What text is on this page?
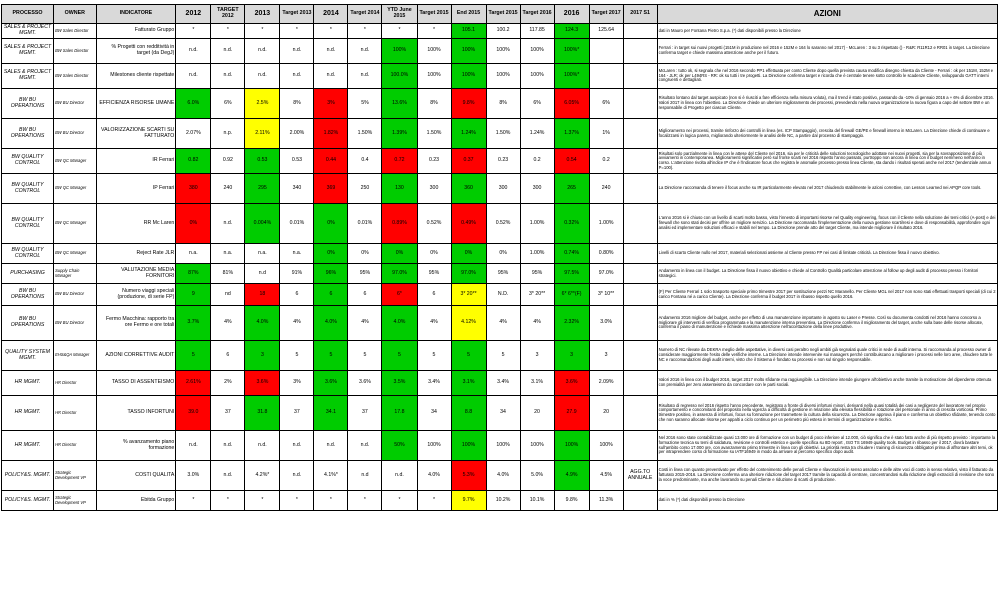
PROCESSO	OWNER	INDICATORE	2012	TARGET 2012	2013	Target 2013	2014	Target 2014	YTD June 2015	Target 2015	End 2015	Target 2015	Target 2016	2016	Target 2017	2017 S1	AZIONI
SALES & PROJECT MGMT.	BW Sales Director	Fatturato Gruppo	*	*	*	*	*	*	*	*	105.1	100.2	117.85	124.3	125.64		dati in Mauro per Fontana Pietro S.p.a. (*) dati disponibili presso la Direzione
SALES & PROJECT MGMT.	BW Sales Director	% Progetti con redditività in target (da DegJ)	n.d.	n.d.	n.d.	n.d.	n.d.	n.d.	100%	100%	100%	100%	100%	100%*			Ferrari : in target sui nuovi progetti (151M in produzione nel 2016 e 152M e 164 lo saranno nel 2017) - McLaren : 3 su 3 rispettato () - R&R: R11R12 e RR01 in target. La Direzione conferma target e chiede massima attenzione anche per il futuro.
SALES & PROJECT MGMT.	BW Sales Director	Milestones cliente rispettate	n.d.	n.d.	n.d.	n.d.	n.d.	n.d.	100.0%	100%	100%	100%	100%	100%*			McLaren : tutto ok, si segnala che nel 2016 secondo PP1 effettuata per conto Cliente dopo quella prevista causa modifica disegno chiesta da Cliente - Ferrari : ok per 151M, 152M e 164 - JLR: ok per L494RS - RR: ok su tutti i tre progetti. La Direzione conferma target e ricorda che è centrale tenere sotto controllo le scadenze Cliente, sviluppando GATT interni congruenti e dettagliati.
BW BU OPERATIONS	BW BU Director	EFFICIENZA RISORSE UMANE	6.0%	6%	2.5%	8%	3%	5%	13.6%	8%	9.8%	8%	6%	6.05%	6%		Risultato lontano dal target auspicato (non si è riusciti a fare efficienza nella misura voluta), ma il trend è stato positivo, passando da -10% di gennaio 2016 a + 6% di dicembre 2016. Valori 2017 in linea con l'obiettivo. La Direzione chiede un ulteriore miglioramento dei processi, prevedendo nella nuova organizzazione la nuova figura a capo del settore BW e un responsabile di Progetto per ciascun Cliente.
BW BU OPERATIONS	BW BU Director	VALORIZZAZIONE SCARTI SU FATTURATO	2.07%	n.p.	2.11%	2.00%	1.82%	1.50%	1.39%	1.50%	1.24%	1.50%	1.24%	1.37%	1%		Miglioramento nei processi, tramite rinforzo dei controlli in linea (es. ICP Stampaggio), crescita del firewall GE/PE e firewall interno in McLaren. La Direzione chiede di continuare e focalizzarsi in logica pareto, migliorando ulteriormente le analisi delle NC, a partire dal processo di stampaggio.
BW QUALITY CONTROL	BW QC Manager	IR Ferrari	0.82	0.92	0.53	0.53	0.44	0.4	0.72	0.23	0.37	0.23	0.2	0.54	0.2		Risultati solo parzialmente in linea con le attese del Cliente nel 2016, sia per le criticità delle soluzioni tecnologiche adottate nei nuovi progetti, sia per la sovrapposizione di più avviamenti in contemporanea. Miglioramenti significativi però sul fronte scarti nel 2016 rispetto l'anno passato, purtroppo non ancora in linea con il budget nemmeno nell'anno in corso. L'attenzione rivolta all'indice IP che è l'indicatore focus che registra le anomalie processo presso linea Cliente, sta dando i risultati sperati anche nel 2017 (tendenziale annuo P=100).
BW QUALITY CONTROL	BW QC Manager	IP Ferrari	380	240	295	340	369	250	130	300	360	300	300	265	240		La Direzione raccomanda di tenere il focus anche su IR particolarmente elevato nel 2017 chiudendo stabilmente le azioni correttive, con Lesson Learned nei APQP core tools.
BW QUALITY CONTROL	BW QC Manager	RR Mc Laren	0%	n.d.	0.004%	0.01%	0%	0.01%	0.89%	0.52%	0.49%	0.52%	1.00%	0.32%	1.00%		L'anno 2016 si è chiuso con un livello di scarti molto basso, visto l'innesto di importanti risorse nel Quality engineering, focus con il Cliente nella soluzione dei temi critici (A-post) e dei firewall che sono stati decisi per offrire un migliore servizio. La Direzione raccomanda l'implementazione della nuova gestione scarti/resi e dove di responsabilità, approfondire ogni analisi ed implementare soluzioni efficaci e stabili nel tempo. La Direzione prende atto del target Cliente, ma intende migliorare il risultato 2016.
BW QUALITY CONTROL	BW QC Manager	Reject Rate JLR	n.a.	n.a.	n.a.	n.a.	0%	0%	0%	0%	0%	0%	1.00%	0.74%	0.80%		Livelli di scarto Cliente nullo nel 2017, materiali selezionati assieme al Cliente presso FP nei casi di limitate criticità. La Direzione fissa il nuovo obiettivo.
PURCHASING	Supply Chain Manager	VALUTAZIONE MEDIA FORNITORI	87%	81%	n.d	91%	96%	95%	97.0%	95%	97.0%	95%	95%	97.5%	97.0%		Andamento in linea con il budget. La Direzione fissa il nuovo obiettivo e chiede al Controllo Qualità particolare attenzione al follow up degli audit di processo presso i fornitori strategici.
BW BU OPERATIONS	BW BU Director	Numero viaggi speciali (produzione, di serie FP)	9	nd	18	6	6	6	6*	6	3* 20**	N.D.	3* 20**	6* 6**(F)	3* 10**		(F) Per Cliente Ferrari 1 solo trasporto speciale primo trimestre 2017 per sostituzione pezzi NC Maranello. Per Cliente MGL nel 2017 non sono stati effettuati trasporti speciali (di cui 2 carico Fontana né a carico Cliente). La Direzione conferma il budget 2017 in ribasso rispetto quello 2016.
BW BU OPERATIONS	BW BU Director	Fermo Macchina: rapporto tra ore Fermo e ore totali	3.7%	4%	4.0%	4%	4.0%	4%	4.0%	4%	4.12%	4%	4%	2.32%	3.0%		Andamento 2016 migliore del budget, anche per effetto di una manutenzione importante in agosto su Laser e Presse. Così su documenta condotti nel 2016 hanno concorso a migliorare gli interventi di verifica programmata e la manutenzione interna preventiva. La Direzione conferma il miglioramento del target, anche sulla base delle risorse allocate, conferma il piano di manutenzione e richiede massima attenzione nell'accettazione della linee produttive.
QUALITY SYSTEM MGMT.	EHS&QA Manager	AZIONI CORRETTIVE AUDIT	5	6	3	5	5	5	5	5	5	5	3	3	3		Numero di NC rilevate da DEKRA meglio delle aspettative, in diversi casi peraltro negli ambiti già segnalati quale critici in sede di audit interna. Si raccomanda al processo owner di considerare maggiormente l'esito delle verifiche interne. La Direzione intende intervenire sui managers perché contribuiscano a migliorare i processi nelle loro aree, chiudere tutte le NC e raccomandazioni degli audit interni, visto che il Sistema è fondato su processi e non sul singolo responsabile.
HR MGMT.	HR Director	TASSO DI ASSENTEISMO	2.61%	2%	3.6%	3%	3.6%	3.6%	3.5%	3.4%	3.1%	3.4%	3.1%	3.6%	2.09%		Valori 2016 in linea con il budget 2016, target 2017 molto sfidante ma raggiungibile. La Direzione intende giungere all'obiettivo anche tramite la motivazione del dipendente ottenuta con premialità per zero assenteismo da concordare con le parti sociali.
HR MGMT.	HR Director	TASSO INFORTUNI	39.0	37	31.8	37	34.1	37	17.8	34	8.8	34	20	27.9	20		Risultato di regresso nel 2016 rispetto l'anno precedente, registrato a fronte di diversi infortuni minori, derivanti nella quasi totalità dei casi a negligenze del lavoratore nel proprio comportamento e concomitanti del proposito nella vigenza a difficoltà di gestione in relazione alla elevata flessibilità e rotazione del personale in anno di crescita vorticosa. Primo trimestre positivo, in assenza di infortuni, focus su formazione per trasmettere la cultura della sicurezza. La Direzione approva il piano e conferma un obiettivo sfidante, tenendo conto che non saranno allocate risorse per appalti a ciclo continuo per un perimetro più esteso in termini di organizzazione e rischio.
HR MGMT.	HR Director	% avanzamento piano formazione	n.d.	n.d.	n.d.	n.d.	n.d.	n.d.	50%	100%	100%	100%	100%	100%	100%		Nel 2016 sono state contabilizzate quasi 13.000 ore di formazione con un budget di poco inferiore al 12.000, ciò significa che è stato fatto anche di più rispetto previsto : importante la formazione tecnica su temi di saldatura, revisione e controlli estetico e quelle specifica su 8D report , ISO TS 16949 quality tools. Budget in ribasso per il 2017, dovrà bastare sull'ambito corso 17.000 ore, con avanzamento primo trimestre in linea con gli obiettivi. La priorità resta tra chiudere i training di sicurezza obbligatori prima di affrontare altri temi, ok per intraprendere corso di formazione su IATF16949 in modo da arrivare al percorso specifico dopo audit.
POLICY&S. MGMT.	Strategic Development VP	COSTI QUALITA	3.0%	n.d.	4.2%*	n.d.	4.1%*	n.d	n.d.	4.0%	5.3%	4.0%	5.0%	4.9%	4.5%	AGG.TO ANNUALE	Costi in linea con quanto preventivato per effetto del contenimento delle penali Cliente e rilavorazioni in senso assoluto e delle altre voci di costo in senso relativo, visto il fatturato da fatturato 2015-2016. La Direzione conferma una ulteriore riduzione del target 2017 tramite la capacità di centrare, concentrandosi sulla riduzione degli extracicli di revisione che sono la voce predominante, ma anche lavorando su penali Cliente e riduzione di scarti di produzione.
POLICY&S. MGMT.	Strategic Development VP	Ebitda Gruppo	*	*	*	*	*	*	*	*	9.7%	10.2%	10.1%	9.8%	11.3%		dati in % (*) dati disponibili presso la Direzione
